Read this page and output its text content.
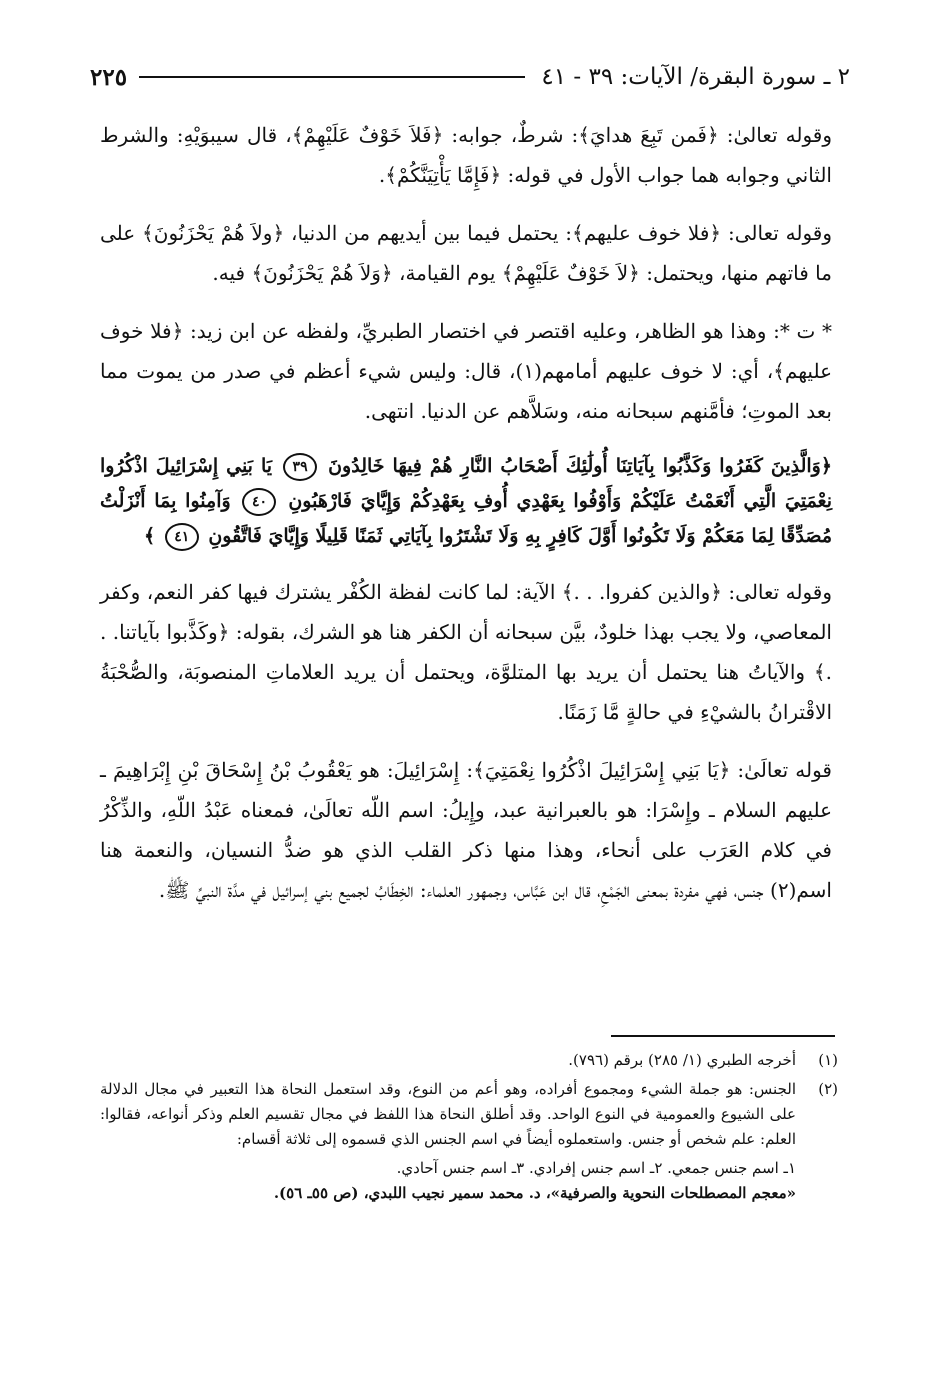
٢ ـ سورة البقرة/ الآيات: ٣٩ - ٤١
٢٢٥

وقوله تعالىٰ: ﴿فَمن تَبِعَ هدايَ﴾: شرطٌ، جوابه: ﴿فَلاَ خَوْفٌ عَلَيْهِمْ﴾، قال سيبوَيْهِ: والشرط الثاني وجوابه هما جواب الأول في قوله: ﴿فَإِمَّا يَأْتِيَنَّكُمْ﴾.

وقوله تعالى: ﴿فلا خوف عليهم﴾: يحتمل فيما بين أيديهم من الدنيا، ﴿ولاَ هُمْ يَحْزَنُونَ﴾ على ما فاتهم منها، ويحتمل: ﴿لاَ خَوْفٌ عَلَيْهِمْ﴾ يوم القيامة، ﴿وَلاَ هُمْ يَحْزَنُونَ﴾ فيه.

* ت *: وهذا هو الظاهر، وعليه اقتصر في اختصار الطبريِّ، ولفظه عن ابن زيد: ﴿فلا خوف عليهم﴾، أي: لا خوف عليهم أمامهم(١)، قال: وليس شيء أعظم في صدر من يموت مما بعد الموتِ؛ فأمَّنهم سبحانه منه، وسَلاَّهم عن الدنيا. انتهى.

﴿وَالَّذِينَ كَفَرُوا وَكَذَّبُوا بِآيَاتِنَا أُولَٰئِكَ أَصْحَابُ النَّارِ هُمْ فِيهَا خَالِدُونَ ٣٩ يَا بَنِي إِسْرَائِيلَ اذْكُرُوا نِعْمَتِيَ الَّتِي أَنْعَمْتُ عَلَيْكُمْ وَأَوْفُوا بِعَهْدِي أُوفِ بِعَهْدِكُمْ وَإِيَّايَ فَارْهَبُونِ ٤٠ وَآمِنُوا بِمَا أَنْزَلْتُ مُصَدِّقًا لِمَا مَعَكُمْ وَلَا تَكُونُوا أَوَّلَ كَافِرٍ بِهِ وَلَا تَشْتَرُوا بِآيَاتِي ثَمَنًا قَلِيلًا وَإِيَّايَ فَاتَّقُونِ ٤١ ﴾

وقوله تعالى: ﴿والذين كفروا. . .﴾ الآية: لما كانت لفظة الكُفْر يشترك فيها كفر النعم، وكفر المعاصي، ولا يجب بهذا خلودٌ، بيَّن سبحانه أن الكفر هنا هو الشرك، بقوله: ﴿وكَذَّبوا بآياتنا. . .﴾ والآياتُ هنا يحتمل أن يريد بها المتلوَّة، ويحتمل أن يريد العلاماتِ المنصوبَة، والصُّحْبَةُ الاقْترانُ بالشيْءِ في حالةٍ مَّا زَمَنًا.

قوله تعالَىٰ: ﴿يَا بَنِي إِسْرَائِيلَ اذْكُرُوا نِعْمَتِيَ﴾: إِسْرَائِيلَ: هو يَعْقُوبُ بْنُ إِسْحَاقَ بْنِ إِبْرَاهِيمَ ـ عليهم السلام ـ وإِسْرَا: هو بالعبرانية عبد، وإِيلُ: اسم اللّه تعالَىٰ، فمعناه عَبْدُ اللّهِ، والذِّكْرُ في كلام العَرَب على أنحاء، وهذا منها ذكر القلب الذي هو ضدُّ النسيان، والنعمة هنا اسم(٢) جنس، فهي مفردة بمعنى الجَمْعِ، قال ابن عَبَّاس، وجمهور العلماء: الخِطَابُ لجميع بني إسرائيل في مدَّة النبيِّ ﷺ.

(١)
أخرجه الطبري (١/ ٢٨٥) برقم (٧٩٦).
(٢)
الجنس: هو جملة الشيء ومجموع أفراده، وهو أعم من النوع، وقد استعمل النحاة هذا التعبير في مجال الدلالة على الشيوع والعمومية في النوع الواحد. وقد أطلق النحاة هذا اللفظ في مجال تقسيم العلم وذكر أنواعه، فقالوا: العلم: علم شخص أو جنس. واستعملوه أيضاً في اسم الجنس الذي قسموه إلى ثلاثة أقسام:
١ـ اسم جنس جمعي. ٢ـ اسم جنس إفرادي. ٣ـ اسم جنس آحادي.
«معجم المصطلحات النحوية والصرفية»، د. محمد سمير نجيب اللبدي، (ص ٥٥ـ ٥٦).
